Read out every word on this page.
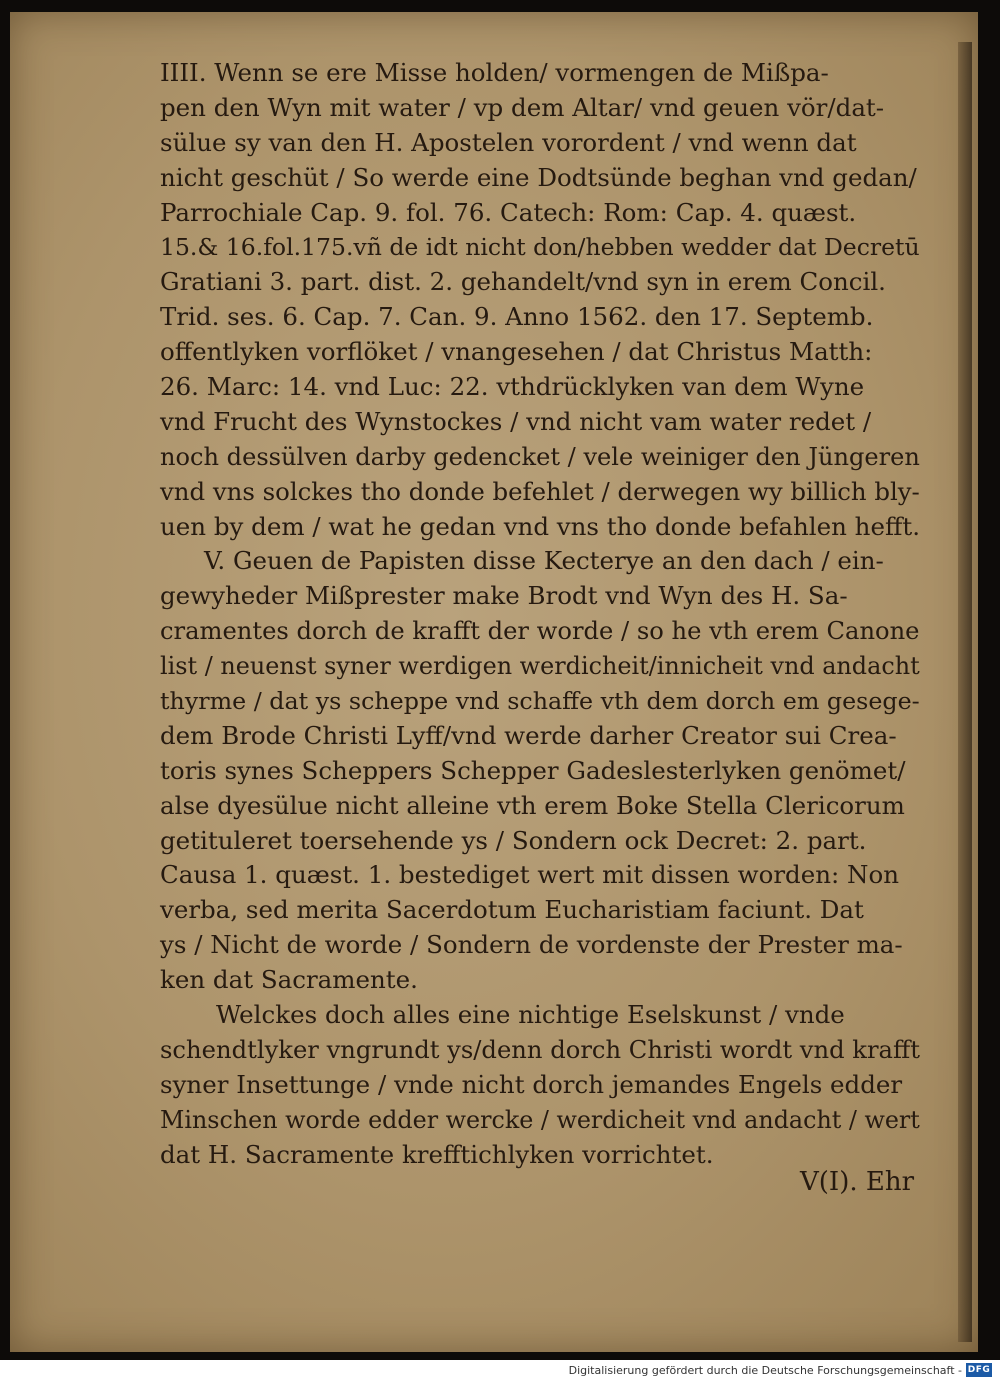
IIII. Wenn se ere Misse holden/ vormengen de Mißpa-
pen den Wyn mit water / vp dem Altar/ vnd geuen vör/dat-
sülue sy van den H. Apostelen vorordent / vnd wenn dat
nicht geschüt / So werde eine Dodtsünde beghan vnd gedan/
Parrochiale Cap. 9. fol. 76. Catech: Rom: Cap. 4. quæst.
15.& 16.fol.175.vñ de idt nicht don/hebben wedder dat Decretū
Gratiani 3. part. dist. 2. gehandelt/vnd syn in erem Concil.
Trid. ses. 6. Cap. 7. Can. 9. Anno 1562. den 17. Septemb.
offentlyken vorflöket / vnangesehen / dat Christus Matth:
26. Marc: 14. vnd Luc: 22. vthdrücklyken van dem Wyne
vnd Frucht des Wynstockes / vnd nicht vam water redet /
noch dessülven darby gedencket / vele weiniger den Jüngeren
vnd vns solckes tho donde befehlet / derwegen wy billich bly-
uen by dem / wat he gedan vnd vns tho donde befahlen hefft.
V. Geuen de Papisten disse Kecterye an den dach / ein-
gewyheder Mißprester make Brodt vnd Wyn des H. Sa-
cramentes dorch de krafft der worde / so he vth erem Canone
list / neuenst syner werdigen werdicheit/innicheit vnd andacht
thyrme / dat ys scheppe vnd schaffe vth dem dorch em gesege-
dem Brode Christi Lyff/vnd werde darher Creator sui Crea-
toris synes Scheppers Schepper Gadeslesterlyken genömet/
alse dyesülue nicht alleine vth erem Boke Stella Clericorum
getituleret toersehende ys / Sondern ock Decret: 2. part.
Causa 1. quæst. 1. bestediget wert mit dissen worden: Non
verba, sed merita Sacerdotum Eucharistiam faciunt. Dat
ys / Nicht de worde / Sondern de vordenste der Prester ma-
ken dat Sacramente.
Welckes doch alles eine nichtige Eselskunst / vnde
schendtlyker vngrundt ys/denn dorch Christi wordt vnd krafft
syner Insettunge / vnde nicht dorch jemandes Engels edder
Minschen worde edder wercke / werdicheit vnd andacht / wert
dat H. Sacramente krefftichlyken vorrichtet.
V(I). Ehr
Digitalisierung gefördert durch die Deutsche Forschungsgemeinschaft - DFG
